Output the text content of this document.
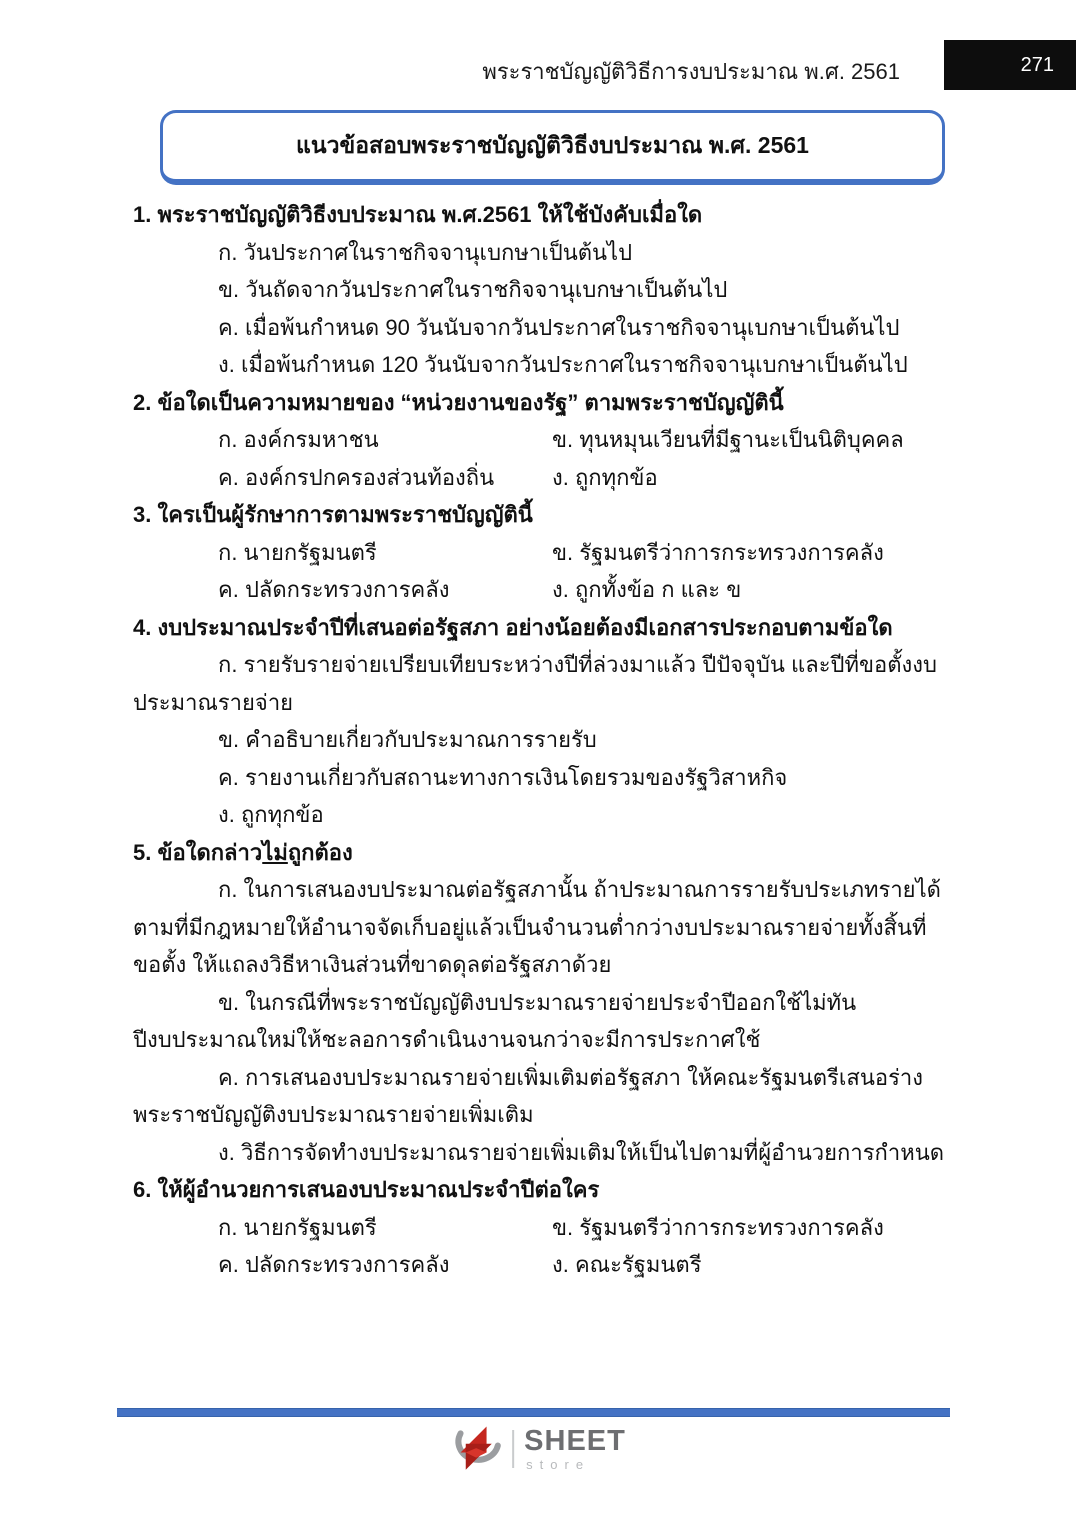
พระราชบัญญัติวิธีการงบประมาณ พ.ศ. 2561	271
แนวข้อสอบพระราชบัญญัติวิธีงบประมาณ พ.ศ. 2561

1. พระราชบัญญัติวิธีงบประมาณ พ.ศ.2561 ให้ใช้บังคับเมื่อใด

ก. วันประกาศในราชกิจจานุเบกษาเป็นต้นไป

ข. วันถัดจากวันประกาศในราชกิจจานุเบกษาเป็นต้นไป

ค. เมื่อพ้นกำหนด 90 วันนับจากวันประกาศในราชกิจจานุเบกษาเป็นต้นไป

ง. เมื่อพ้นกำหนด 120 วันนับจากวันประกาศในราชกิจจานุเบกษาเป็นต้นไป

2. ข้อใดเป็นความหมายของ “หน่วยงานของรัฐ” ตามพระราชบัญญัตินี้

ก. องค์กรมหาชน	ข. ทุนหมุนเวียนที่มีฐานะเป็นนิติบุคคล

ค. องค์กรปกครองส่วนท้องถิ่น	ง. ถูกทุกข้อ

3. ใครเป็นผู้รักษาการตามพระราชบัญญัตินี้

ก. นายกรัฐมนตรี	ข. รัฐมนตรีว่าการกระทรวงการคลัง

ค. ปลัดกระทรวงการคลัง	ง. ถูกทั้งข้อ ก และ ข

4. งบประมาณประจำปีที่เสนอต่อรัฐสภา อย่างน้อยต้องมีเอกสารประกอบตามข้อใด

ก. รายรับรายจ่ายเปรียบเทียบระหว่างปีที่ล่วงมาแล้ว ปีปัจจุบัน และปีที่ขอตั้งงบประมาณรายจ่าย

ข. คำอธิบายเกี่ยวกับประมาณการรายรับ

ค. รายงานเกี่ยวกับสถานะทางการเงินโดยรวมของรัฐวิสาหกิจ

ง. ถูกทุกข้อ

5. ข้อใดกล่าวไม่ถูกต้อง

ก. ในการเสนองบประมาณต่อรัฐสภานั้น ถ้าประมาณการรายรับประเภทรายได้ตามที่มีกฎหมายให้อำนาจจัดเก็บอยู่แล้วเป็นจำนวนต่ำกว่างบประมาณรายจ่ายทั้งสิ้นที่ขอตั้ง ให้แถลงวิธีหาเงินส่วนที่ขาดดุลต่อรัฐสภาด้วย

ข. ในกรณีที่พระราชบัญญัติงบประมาณรายจ่ายประจำปีออกใช้ไม่ทันปีงบประมาณใหม่ให้ชะลอการดำเนินงานจนกว่าจะมีการประกาศใช้

ค. การเสนองบประมาณรายจ่ายเพิ่มเติมต่อรัฐสภา ให้คณะรัฐมนตรีเสนอร่างพระราชบัญญัติงบประมาณรายจ่ายเพิ่มเติม

ง. วิธีการจัดทำงบประมาณรายจ่ายเพิ่มเติมให้เป็นไปตามที่ผู้อำนวยการกำหนด

6. ให้ผู้อำนวยการเสนองบประมาณประจำปีต่อใคร

ก. นายกรัฐมนตรี	ข. รัฐมนตรีว่าการกระทรวงการคลัง

ค. ปลัดกระทรวงการคลัง	ง. คณะรัฐมนตรี

SHEET
store
